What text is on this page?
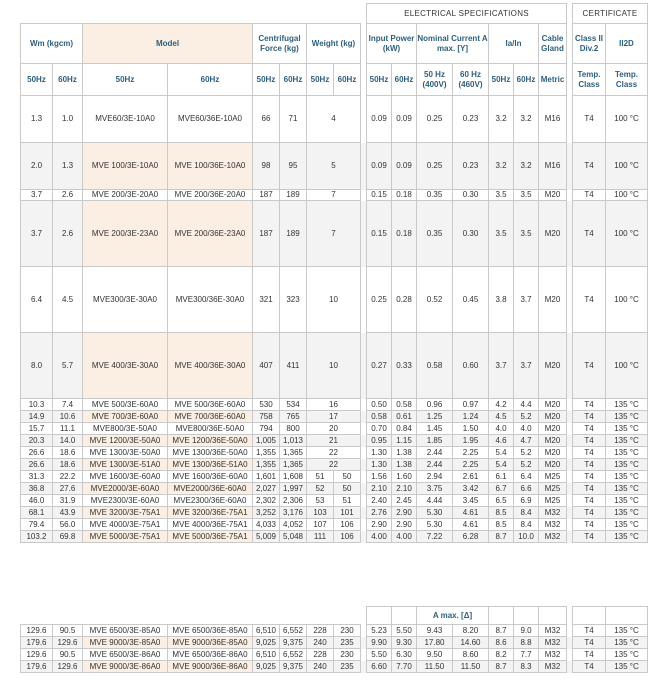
									ELECTRICAL SPECIFICATIONS								CERTIFICATE	
Wm (kgcm)		Model		Centrifugal Force (kg)		Weight (kg)			Input Power (kW)		Nominal Current A max. [Y]		Ia/In		Cable Gland		Class II Div.2	II2D
50Hz	60Hz	50Hz	60Hz	50Hz	60Hz	50Hz	60Hz		50Hz	60Hz	50 Hz (400V)	60 Hz (460V)	50Hz	60Hz	Metric		Temp. Class	Temp. Class
1.3	1.0	MVE60/3E-10A0	MVE60/36E-10A0	66	71	4			0.09	0.09	0.25	0.23	3.2	3.2	M16		T4	100 °C
2.0	1.3	MVE 100/3E-10A0	MVE 100/36E-10A0	98	95	5			0.09	0.09	0.25	0.23	3.2	3.2	M16		T4	100 °C
3.7	2.6	MVE 200/3E-20A0	MVE 200/36E-20A0	187	189	7			0.15	0.18	0.35	0.30	3.5	3.5	M20		T4	100 °C
3.7	2.6	MVE 200/3E-23A0	MVE 200/36E-23A0	187	189	7			0.15	0.18	0.35	0.30	3.5	3.5	M20		T4	100 °C
6.4	4.5	MVE300/3E-30A0	MVE300/36E-30A0	321	323	10			0.25	0.28	0.52	0.45	3.8	3.7	M20		T4	100 °C
8.0	5.7	MVE 400/3E-30A0	MVE 400/36E-30A0	407	411	10			0.27	0.33	0.58	0.60	3.7	3.7	M20		T4	100 °C
10.3	7.4	MVE 500/3E-60A0	MVE 500/36E-60A0	530	534	16			0.50	0.58	0.96	0.97	4.2	4.4	M20		T4	135 °C
14.9	10.6	MVE 700/3E-60A0	MVE 700/36E-60A0	758	765	17			0.58	0.61	1.25	1.24	4.5	5.2	M20		T4	135 °C
15.7	11.1	MVE800/3E-50A0	MVE800/36E-50A0	794	800	20			0.70	0.84	1.45	1.50	4.0	4.0	M20		T4	135 °C
20.3	14.0	MVE 1200/3E-50A0	MVE 1200/36E-50A0	1,005	1,013	21			0.95	1.15	1.85	1.95	4.6	4.7	M20		T4	135 °C
26.6	18.6	MVE 1300/3E-50A0	MVE 1300/36E-50A0	1,355	1,365	22			1.30	1.38	2.44	2.25	5.4	5.2	M20		T4	135 °C
26.6	18.6	MVE 1300/3E-51A0	MVE 1300/36E-51A0	1,355	1,365	22			1.30	1.38	2.44	2.25	5.4	5.2	M20		T4	135 °C
31.3	22.2	MVE 1600/3E-60A0	MVE 1600/36E-60A0	1,601	1,608	51	50		1.56	1.60	2.94	2.61	6.1	6.4	M25		T4	135 °C
36.8	27.6	MVE2000/3E-60A0	MVE2000/36E-60A0	2,027	1,997	52	50		2.10	2.10	3.75	3.42	6.7	6.6	M25		T4	135 °C
46.0	31.9	MVE2300/3E-60A0	MVE2300/36E-60A0	2,302	2,306	53	51		2.40	2.45	4.44	3.45	6.5	6.9	M25		T4	135 °C
68.1	43.9	MVE 3200/3E-75A1	MVE 3200/36E-75A1	3,252	3,176	103	101		2.76	2.90	5.30	4.61	8.5	8.4	M32		T4	135 °C
79.4	56.0	MVE 4000/3E-75A1	MVE 4000/36E-75A1	4,033	4,052	107	106		2.90	2.90	5.30	4.61	8.5	8.4	M32		T4	135 °C
103.2	69.8	MVE 5000/3E-75A1	MVE 5000/36E-75A1	5,009	5,048	111	106		4.00	4.00	7.22	6.28	8.7	10.0	M32		T4	135 °C
											A max. [Δ]							
129.6	90.5	MVE 6500/3E-85A0	MVE 6500/36E-85A0	6,510	6,552	228	230		5.23	5.50	9.43	8.20	8.7	9.0	M32		T4	135 °C
179.6	129.6	MVE 9000/3E-85A0	MVE 9000/36E-85A0	9,025	9,375	240	235		9.90	9.30	17.80	14.60	8.6	8.8	M32		T4	135 °C
129.6	90.5	MVE 6500/3E-86A0	MVE 6500/36E-86A0	6,510	6,552	228	230		5.50	6.30	9.50	8.60	8.2	7.7	M32		T4	135 °C
179.6	129.6	MVE 9000/3E-86A0	MVE 9000/36E-86A0	9,025	9,375	240	235		6.60	7.70	11.50	11.50	8.7	8.3	M32		T4	135 °C
